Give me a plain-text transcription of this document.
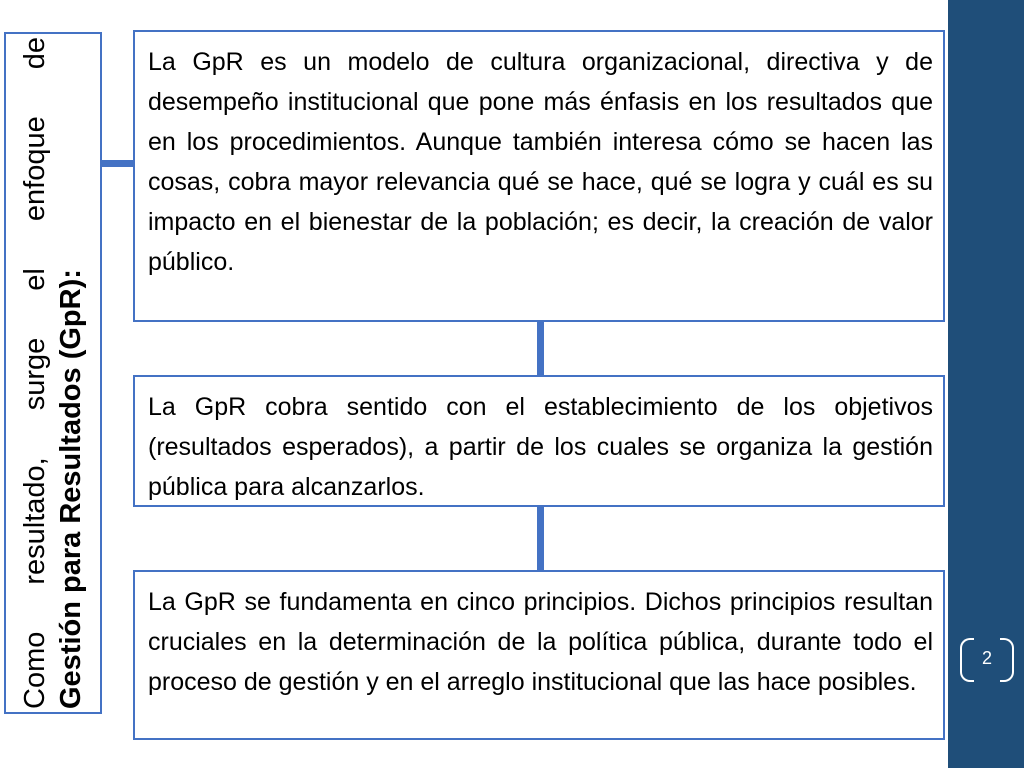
2
Como resultado, surge el enfoque de Gestión para Resultados (GpR):
La GpR es un modelo de cultura organizacional, directiva y de desempeño institucional que pone más énfasis en los resultados que en los procedimientos. Aunque también interesa cómo se hacen las cosas, cobra mayor relevancia qué se hace, qué se logra y cuál es su impacto en el bienestar de la población; es decir, la creación de valor público.
La GpR cobra sentido con el establecimiento de los objetivos (resultados esperados), a partir de los cuales se organiza la gestión pública para alcanzarlos.
La GpR se fundamenta en cinco principios. Dichos principios resultan cruciales en la determinación de la política pública, durante todo el proceso de gestión y en el arreglo institucional que las hace posibles.
